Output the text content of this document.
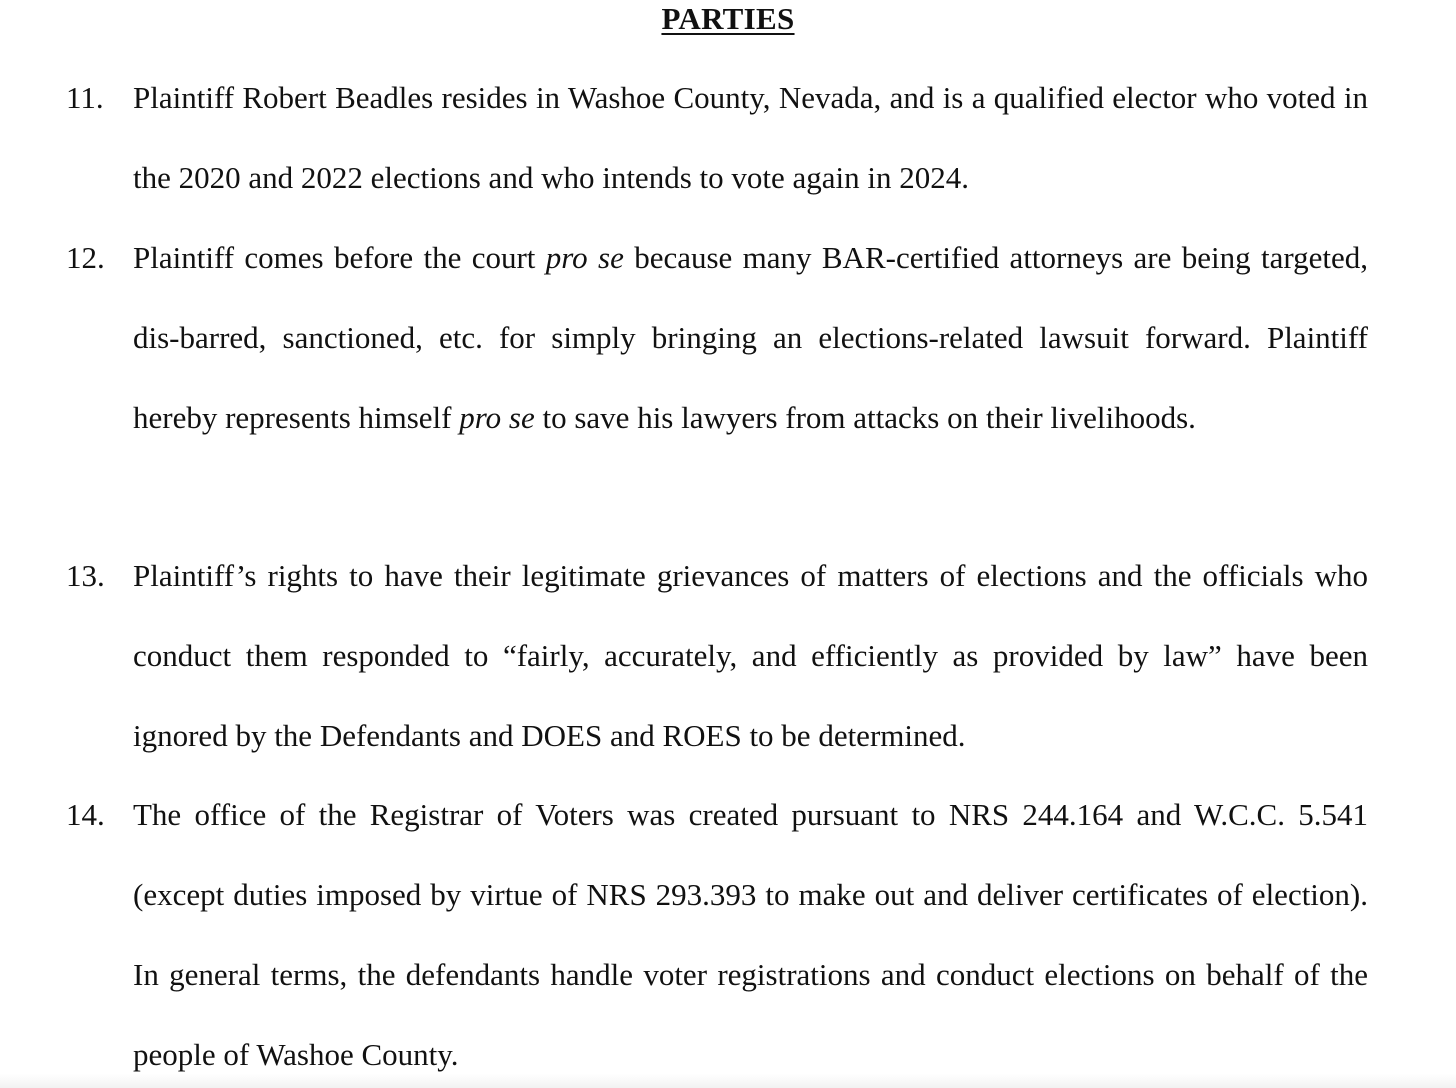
PARTIES
11. Plaintiff Robert Beadles resides in Washoe County, Nevada, and is a qualified elector who voted in the 2020 and 2022 elections and who intends to vote again in 2024.
12. Plaintiff comes before the court pro se because many BAR-certified attorneys are being targeted, dis-barred, sanctioned, etc. for simply bringing an elections-related lawsuit forward. Plaintiff hereby represents himself pro se to save his lawyers from attacks on their livelihoods.
13. Plaintiff’s rights to have their legitimate grievances of matters of elections and the officials who conduct them responded to “fairly, accurately, and efficiently as provided by law” have been ignored by the Defendants and DOES and ROES to be determined.
14. The office of the Registrar of Voters was created pursuant to NRS 244.164 and W.C.C. 5.541 (except duties imposed by virtue of NRS 293.393 to make out and deliver certificates of election). In general terms, the defendants handle voter registrations and conduct elections on behalf of the people of Washoe County.
